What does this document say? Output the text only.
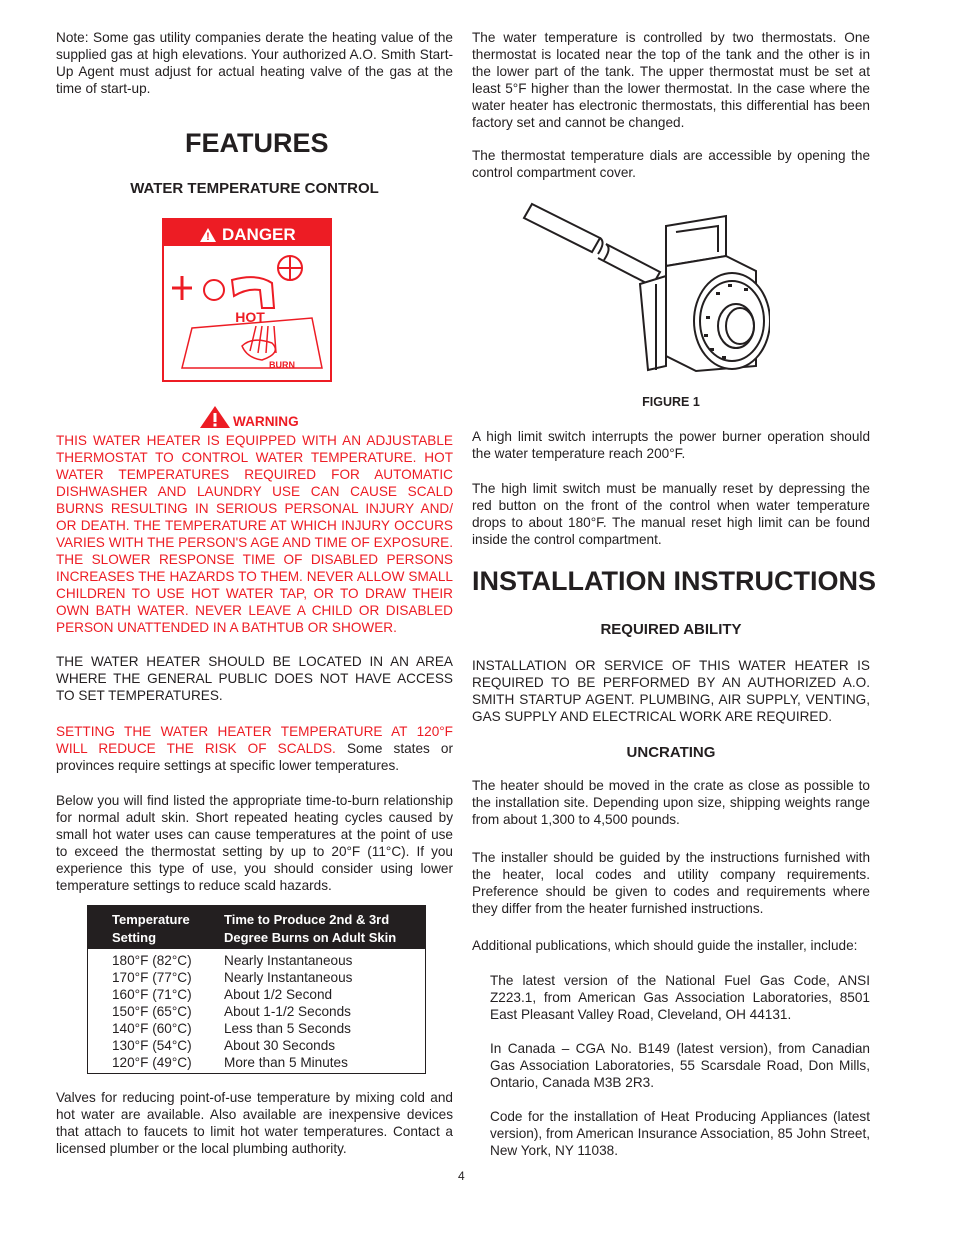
Note: Some gas utility companies derate the heating value of the supplied gas at high elevations. Your authorized A.O. Smith Start-Up Agent must adjust for actual heating valve of the gas at the time of start-up.

FEATURES
WATER TEMPERATURE CONTROL
! DANGER
HOT
BURN
WARNING

THIS WATER HEATER IS EQUIPPED WITH AN ADJUSTABLE THERMOSTAT TO CONTROL WATER TEMPERATURE. HOT WATER TEMPERATURES REQUIRED FOR AUTOMATIC DISHWASHER AND LAUNDRY USE CAN CAUSE SCALD BURNS RESULTING IN SERIOUS PERSONAL INJURY AND/ OR DEATH. THE TEMPERATURE AT WHICH INJURY OCCURS VARIES WITH THE PERSON'S AGE AND TIME OF EXPOSURE. THE SLOWER RESPONSE TIME OF DISABLED PERSONS INCREASES THE HAZARDS TO THEM. NEVER ALLOW SMALL CHILDREN TO USE HOT WATER TAP, OR TO DRAW THEIR OWN BATH WATER. NEVER LEAVE A CHILD OR DISABLED PERSON UNATTENDED IN A BATHTUB OR SHOWER.

THE WATER HEATER SHOULD BE LOCATED IN AN AREA WHERE THE GENERAL PUBLIC DOES NOT HAVE ACCESS TO SET TEMPERATURES.

SETTING THE WATER HEATER TEMPERATURE AT 120°F WILL REDUCE THE RISK OF SCALDS. Some states or provinces require settings at specific lower temperatures.

Below you will find listed the appropriate time-to-burn relationship for normal adult skin. Short repeated heating cycles caused by small hot water uses can cause temperatures at the point of use to exceed the thermostat setting by up to 20°F (11°C). If you experience this type of use, you should consider using lower temperature settings to reduce scald hazards.

Temperature
Setting
Time to Produce 2nd & 3rd
Degree Burns on Adult Skin
180°F (82°C)
170°F (77°C)
160°F (71°C)
150°F (65°C)
140°F (60°C)
130°F (54°C)
120°F (49°C)
Nearly Instantaneous
Nearly Instantaneous
About 1/2 Second
About 1-1/2 Seconds
Less than 5 Seconds
About 30 Seconds
More than 5 Minutes

Valves for reducing point-of-use temperature by mixing cold and hot water are available. Also available are inexpensive devices that attach to faucets to limit hot water temperatures. Contact a licensed plumber or the local plumbing authority.

The water temperature is controlled by two thermostats. One thermostat is located near the top of the tank and the other is in the lower part of the tank. The upper thermostat must be set at least 5°F higher than the lower thermostat. In the case where the water heater has electronic thermostats, this differential has been factory set and cannot be changed.

The thermostat temperature dials are accessible by opening the control compartment cover.

FIGURE 1

A high limit switch interrupts the power burner operation should the water temperature reach 200°F.

The high limit switch must be manually reset by depressing the red button on the front of the control when water temperature drops to about 180°F. The manual reset high limit can be found inside the control compartment.

INSTALLATION INSTRUCTIONS
REQUIRED ABILITY

INSTALLATION OR SERVICE OF THIS WATER HEATER IS REQUIRED TO BE PERFORMED BY AN AUTHORIZED A.O. SMITH STARTUP AGENT. PLUMBING, AIR SUPPLY, VENTING, GAS SUPPLY AND ELECTRICAL WORK ARE REQUIRED.

UNCRATING

The heater should be moved in the crate as close as possible to the installation site. Depending upon size, shipping weights range from about 1,300 to 4,500 pounds.

The installer should be guided by the instructions furnished with the heater, local codes and utility company requirements. Preference should be given to codes and requirements where they differ from the heater furnished instructions.

Additional publications, which should guide the installer, include:

The latest version of the National Fuel Gas Code, ANSI Z223.1, from American Gas Association Laboratories, 8501 East Pleasant Valley Road, Cleveland, OH 44131.

In Canada – CGA No. B149 (latest version), from Canadian Gas Association Laboratories, 55 Scarsdale Road, Don Mills, Ontario, Canada M3B 2R3.

Code for the installation of Heat Producing Appliances (latest version), from American Insurance Association, 85 John Street, New York, NY 11038.

4
